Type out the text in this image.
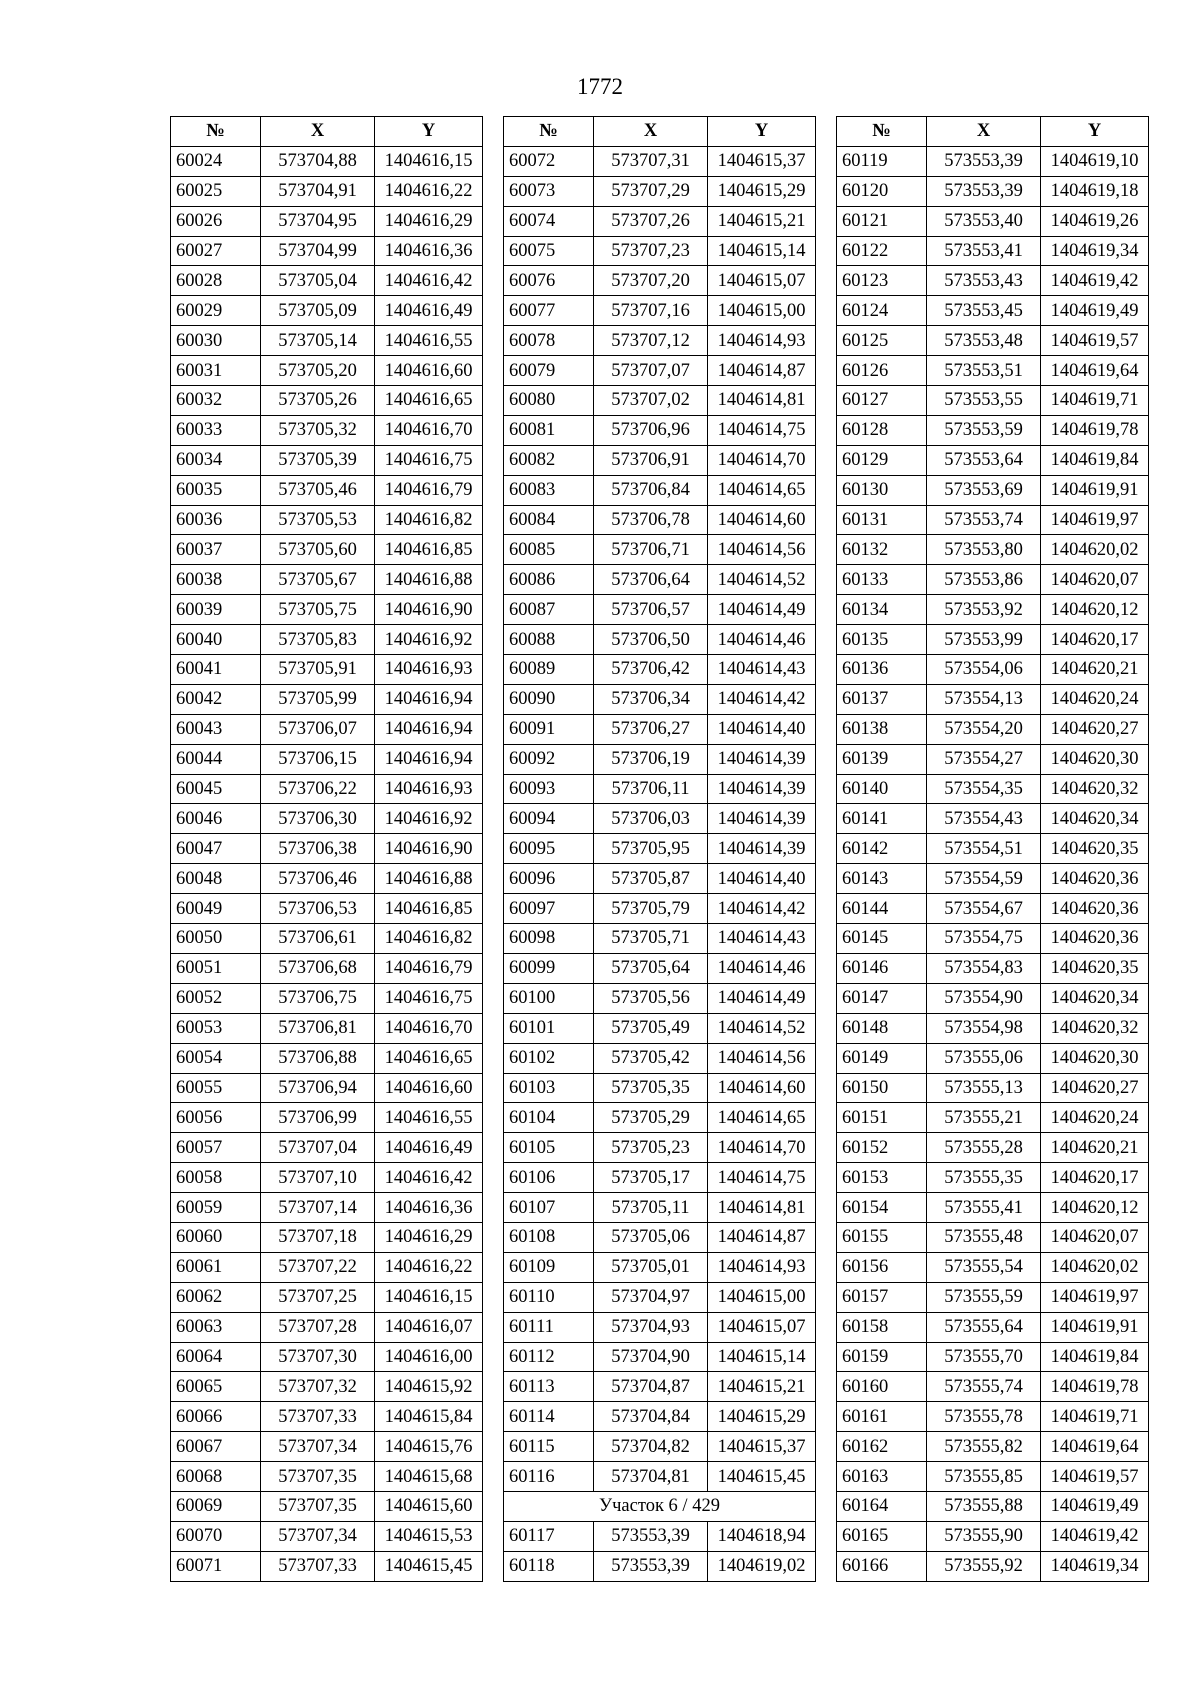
1772
№	X	Y
60024	573704,88	1404616,15
60025	573704,91	1404616,22
60026	573704,95	1404616,29
60027	573704,99	1404616,36
60028	573705,04	1404616,42
60029	573705,09	1404616,49
60030	573705,14	1404616,55
60031	573705,20	1404616,60
60032	573705,26	1404616,65
60033	573705,32	1404616,70
60034	573705,39	1404616,75
60035	573705,46	1404616,79
60036	573705,53	1404616,82
60037	573705,60	1404616,85
60038	573705,67	1404616,88
60039	573705,75	1404616,90
60040	573705,83	1404616,92
60041	573705,91	1404616,93
60042	573705,99	1404616,94
60043	573706,07	1404616,94
60044	573706,15	1404616,94
60045	573706,22	1404616,93
60046	573706,30	1404616,92
60047	573706,38	1404616,90
60048	573706,46	1404616,88
60049	573706,53	1404616,85
60050	573706,61	1404616,82
60051	573706,68	1404616,79
60052	573706,75	1404616,75
60053	573706,81	1404616,70
60054	573706,88	1404616,65
60055	573706,94	1404616,60
60056	573706,99	1404616,55
60057	573707,04	1404616,49
60058	573707,10	1404616,42
60059	573707,14	1404616,36
60060	573707,18	1404616,29
60061	573707,22	1404616,22
60062	573707,25	1404616,15
60063	573707,28	1404616,07
60064	573707,30	1404616,00
60065	573707,32	1404615,92
60066	573707,33	1404615,84
60067	573707,34	1404615,76
60068	573707,35	1404615,68
60069	573707,35	1404615,60
60070	573707,34	1404615,53
60071	573707,33	1404615,45
№	X	Y
60072	573707,31	1404615,37
60073	573707,29	1404615,29
60074	573707,26	1404615,21
60075	573707,23	1404615,14
60076	573707,20	1404615,07
60077	573707,16	1404615,00
60078	573707,12	1404614,93
60079	573707,07	1404614,87
60080	573707,02	1404614,81
60081	573706,96	1404614,75
60082	573706,91	1404614,70
60083	573706,84	1404614,65
60084	573706,78	1404614,60
60085	573706,71	1404614,56
60086	573706,64	1404614,52
60087	573706,57	1404614,49
60088	573706,50	1404614,46
60089	573706,42	1404614,43
60090	573706,34	1404614,42
60091	573706,27	1404614,40
60092	573706,19	1404614,39
60093	573706,11	1404614,39
60094	573706,03	1404614,39
60095	573705,95	1404614,39
60096	573705,87	1404614,40
60097	573705,79	1404614,42
60098	573705,71	1404614,43
60099	573705,64	1404614,46
60100	573705,56	1404614,49
60101	573705,49	1404614,52
60102	573705,42	1404614,56
60103	573705,35	1404614,60
60104	573705,29	1404614,65
60105	573705,23	1404614,70
60106	573705,17	1404614,75
60107	573705,11	1404614,81
60108	573705,06	1404614,87
60109	573705,01	1404614,93
60110	573704,97	1404615,00
60111	573704,93	1404615,07
60112	573704,90	1404615,14
60113	573704,87	1404615,21
60114	573704,84	1404615,29
60115	573704,82	1404615,37
60116	573704,81	1404615,45
Участок 6 / 429		
60117	573553,39	1404618,94
60118	573553,39	1404619,02
№	X	Y
60119	573553,39	1404619,10
60120	573553,39	1404619,18
60121	573553,40	1404619,26
60122	573553,41	1404619,34
60123	573553,43	1404619,42
60124	573553,45	1404619,49
60125	573553,48	1404619,57
60126	573553,51	1404619,64
60127	573553,55	1404619,71
60128	573553,59	1404619,78
60129	573553,64	1404619,84
60130	573553,69	1404619,91
60131	573553,74	1404619,97
60132	573553,80	1404620,02
60133	573553,86	1404620,07
60134	573553,92	1404620,12
60135	573553,99	1404620,17
60136	573554,06	1404620,21
60137	573554,13	1404620,24
60138	573554,20	1404620,27
60139	573554,27	1404620,30
60140	573554,35	1404620,32
60141	573554,43	1404620,34
60142	573554,51	1404620,35
60143	573554,59	1404620,36
60144	573554,67	1404620,36
60145	573554,75	1404620,36
60146	573554,83	1404620,35
60147	573554,90	1404620,34
60148	573554,98	1404620,32
60149	573555,06	1404620,30
60150	573555,13	1404620,27
60151	573555,21	1404620,24
60152	573555,28	1404620,21
60153	573555,35	1404620,17
60154	573555,41	1404620,12
60155	573555,48	1404620,07
60156	573555,54	1404620,02
60157	573555,59	1404619,97
60158	573555,64	1404619,91
60159	573555,70	1404619,84
60160	573555,74	1404619,78
60161	573555,78	1404619,71
60162	573555,82	1404619,64
60163	573555,85	1404619,57
60164	573555,88	1404619,49
60165	573555,90	1404619,42
60166	573555,92	1404619,34
